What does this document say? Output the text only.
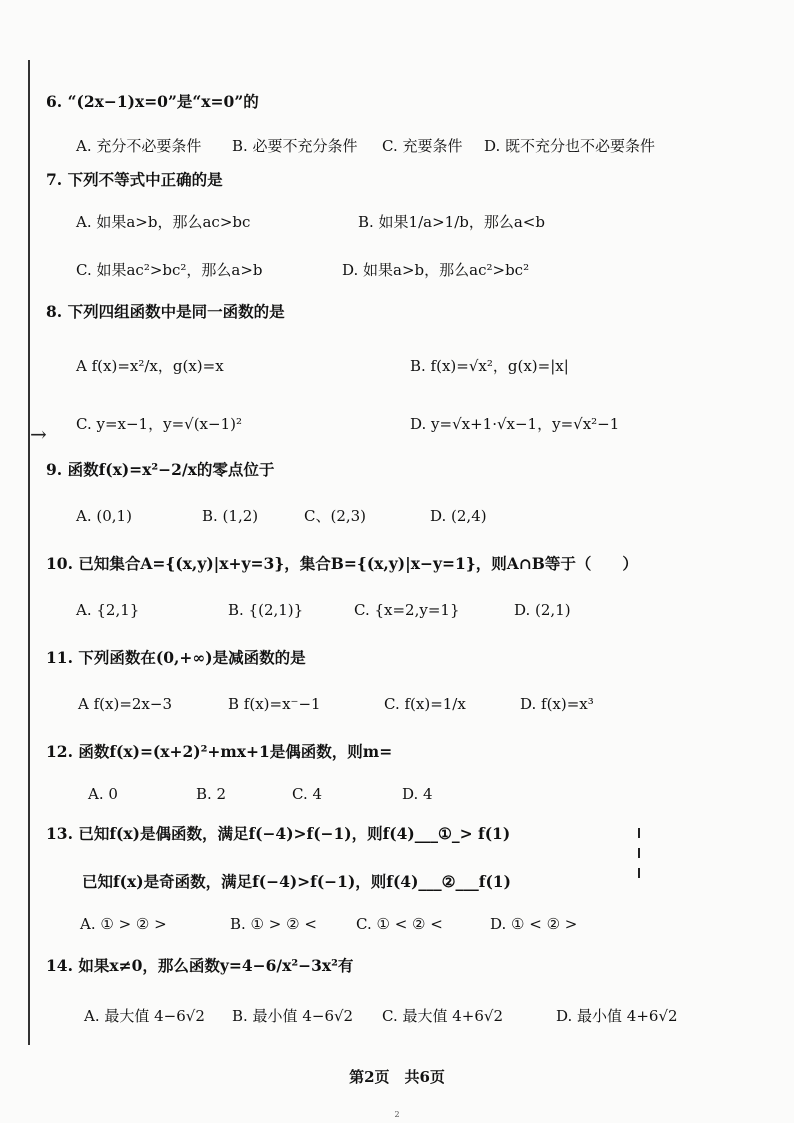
→
6. “(2x−1)x=0”是“x=0”的
A. 充分不必要条件 B. 必要不充分条件 C. 充要条件 D. 既不充分也不必要条件
7. 下列不等式中正确的是
A. 如果a>b，那么ac>bc	B. 如果1/a>1/b，那么a<b
C. 如果ac²>bc²，那么a>b	D. 如果a>b，那么ac²>bc²
8. 下列四组函数中是同一函数的是
A f(x)=x²/x，g(x)=x	B. f(x)=√x²，g(x)=|x|
C. y=x−1，y=√(x−1)²	D. y=√x+1·√x−1，y=√x²−1
9. 函数f(x)=x²−2/x的零点位于
A. (0,1)	B. (1,2)	C、(2,3)	D. (2,4)
10. 已知集合A={(x,y)|x+y=3}，集合B={(x,y)|x−y=1}，则A∩B等于（　　）
A. {2,1}	B. {(2,1)}	C. {x=2,y=1}	D. (2,1)
11. 下列函数在(0,+∞)是减函数的是
A f(x)=2x−3	B f(x)=x⁻−1	C. f(x)=1/x	D. f(x)=x³
12. 函数f(x)=(x+2)²+mx+1是偶函数，则m=
A. 0	B. 2	C. 4	D. 4
13. 已知f(x)是偶函数，满足f(−4)>f(−1)，则f(4)___①_> f(1)
已知f(x)是奇函数，满足f(−4)>f(−1)，则f(4)___②___f(1)
A. ① > ② >	B. ① > ② <	C. ① < ② <	D. ① < ② >
14. 如果x≠0，那么函数y=4−6/x²−3x²有
A. 最大值 4−6√2 B. 最小值 4−6√2 C. 最大值 4+6√2	D. 最小值 4+6√2
第2页　共6页
2
